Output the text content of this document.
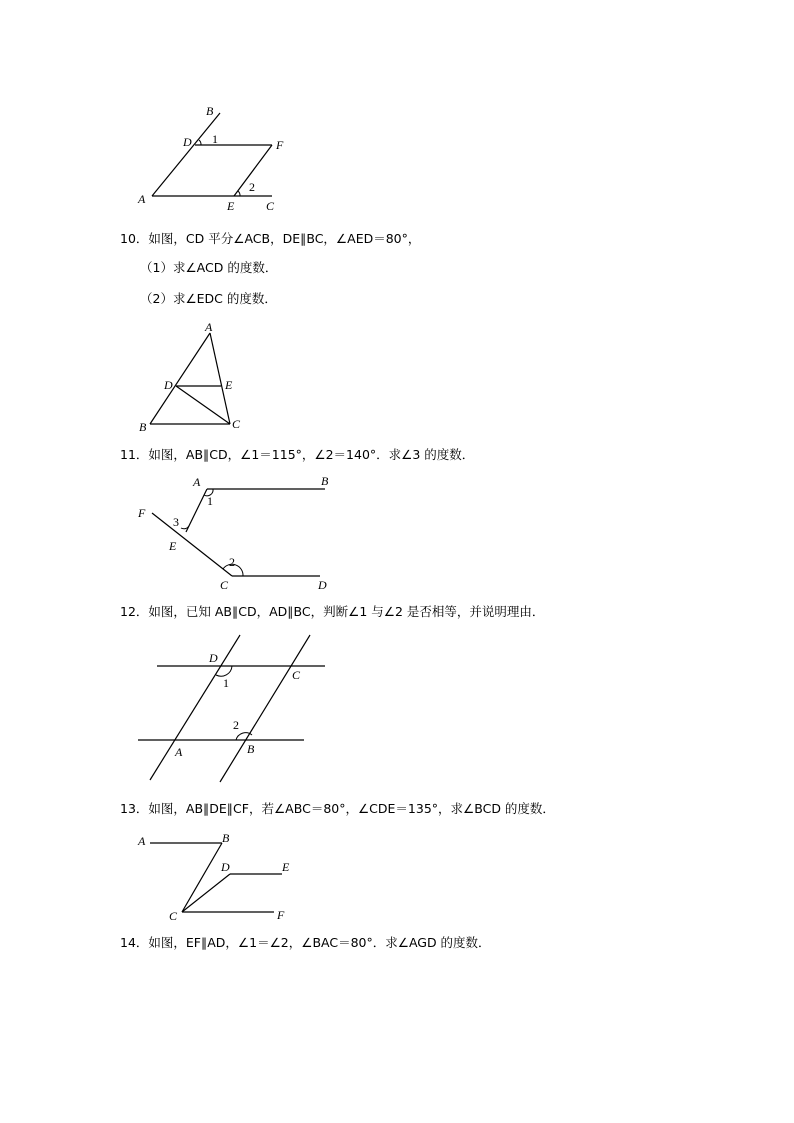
B
D 1	F
2
A	E	C
10．如图，CD 平分∠ACB，DE∥BC，∠AED＝80°，
（1）求∠ACD 的度数．
（2）求∠EDC 的度数．
A
D	E
B	C
11．如图，AB∥CD，∠1＝115°，∠2＝140°．求∠3 的度数．
A	B
1
F
3
E
2
C	D
12．如图，已知 AB∥CD，AD∥BC，判断∠1 与∠2 是否相等，并说明理由．
D
1
C
2
A	B
13．如图，AB∥DE∥CF，若∠ABC＝80°，∠CDE＝135°，求∠BCD 的度数．
A	B
D	E
C	F
14．如图，EF∥AD，∠1＝∠2，∠BAC＝80°．求∠AGD 的度数．
